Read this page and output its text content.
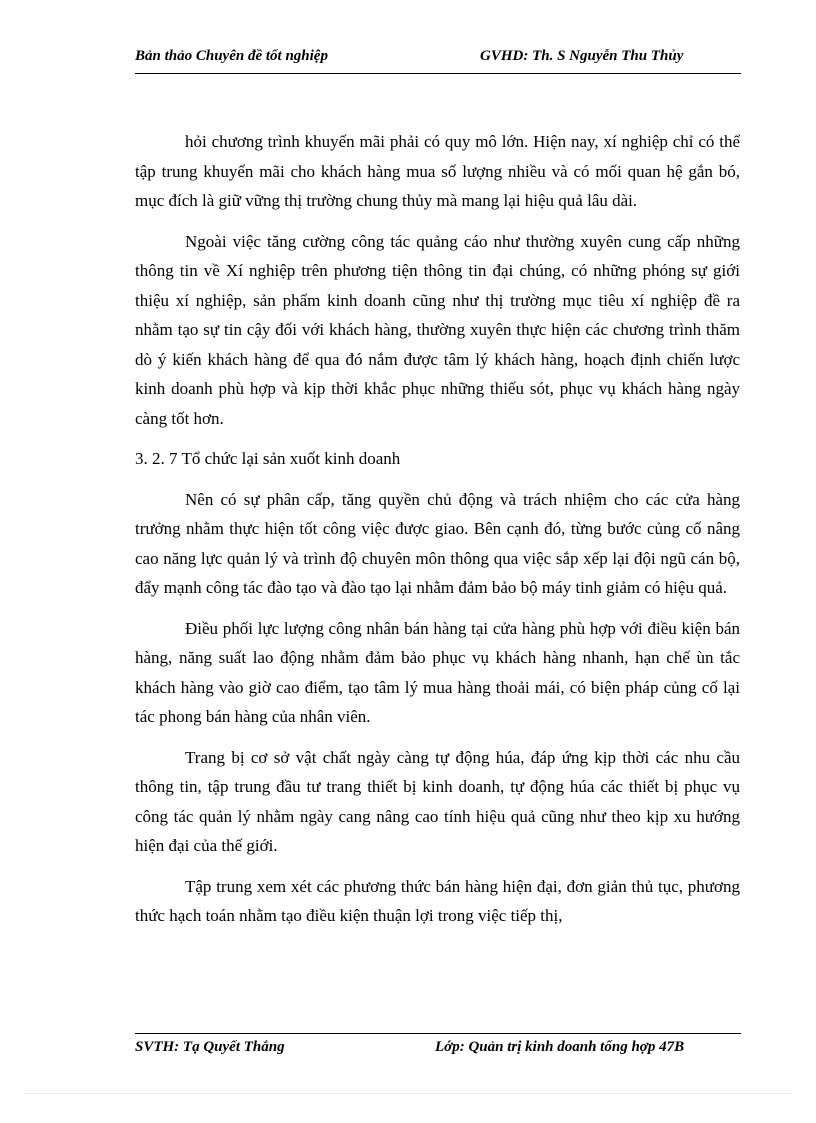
Bản thảo Chuyên đề tốt nghiệp	GVHD: Th. S Nguyễn Thu Thủy

hỏi chương trình khuyến mãi phải có quy mô lớn. Hiện nay, xí nghiệp chỉ có thể tập trung khuyến mãi cho khách hàng mua số lượng nhiều và có mối quan hệ gắn bó, mục đích là giữ vững thị trường chung thủy mà mang lại hiệu quả lâu dài.

Ngoài việc tăng cường công tác quảng cáo như thường xuyên cung cấp những thông tin về Xí nghiệp trên phương tiện thông tin đại chúng, có những phóng sự giới thiệu xí nghiệp, sản phẩm kinh doanh cũng như thị trường mục tiêu xí nghiệp đề ra nhằm tạo sự tin cậy đối với khách hàng, thường xuyên thực hiện các chương trình thăm dò ý kiến khách hàng để qua đó nắm được tâm lý khách hàng, hoạch định chiến lược kinh doanh phù hợp và kịp thời khắc phục những thiếu sót, phục vụ khách hàng ngày càng tốt hơn.

3. 2. 7 Tổ chức lại sản xuốt kinh doanh

Nên có sự phân cấp, tăng quyền chủ động và trách nhiệm cho các cửa hàng trưởng nhằm thực hiện tốt công việc được giao. Bên cạnh đó, từng bước củng cố nâng cao năng lực quản lý và trình độ chuyên môn thông qua việc sắp xếp lại đội ngũ cán bộ, đẩy mạnh công tác đào tạo và đào tạo lại nhằm đảm bảo bộ máy tinh giảm có hiệu quả.

Điều phối lực lượng công nhân bán hàng tại cửa hàng phù hợp với điều kiện bán hàng, năng suất lao động nhằm đảm bảo phục vụ khách hàng nhanh, hạn chế ùn tắc khách hàng vào giờ cao điểm, tạo tâm lý mua hàng thoải mái, có biện pháp củng cố lại tác phong bán hàng của nhân viên.

Trang bị cơ sở vật chất ngày càng tự động húa, đáp ứng kịp thời các nhu cầu thông tin, tập trung đầu tư trang thiết bị kinh doanh, tự động húa các thiết bị phục vụ công tác quản lý nhằm ngày cang nâng cao tính hiệu quả cũng như theo kịp xu hướng hiện đại của thế giới.

Tập trung xem xét các phương thức bán hàng hiện đại, đơn giản thủ tục, phương thức hạch toán nhằm tạo điều kiện thuận lợi trong việc tiếp thị,

SVTH: Tạ Quyết Thắng	Lớp: Quản trị kinh doanh tổng hợp 47B
